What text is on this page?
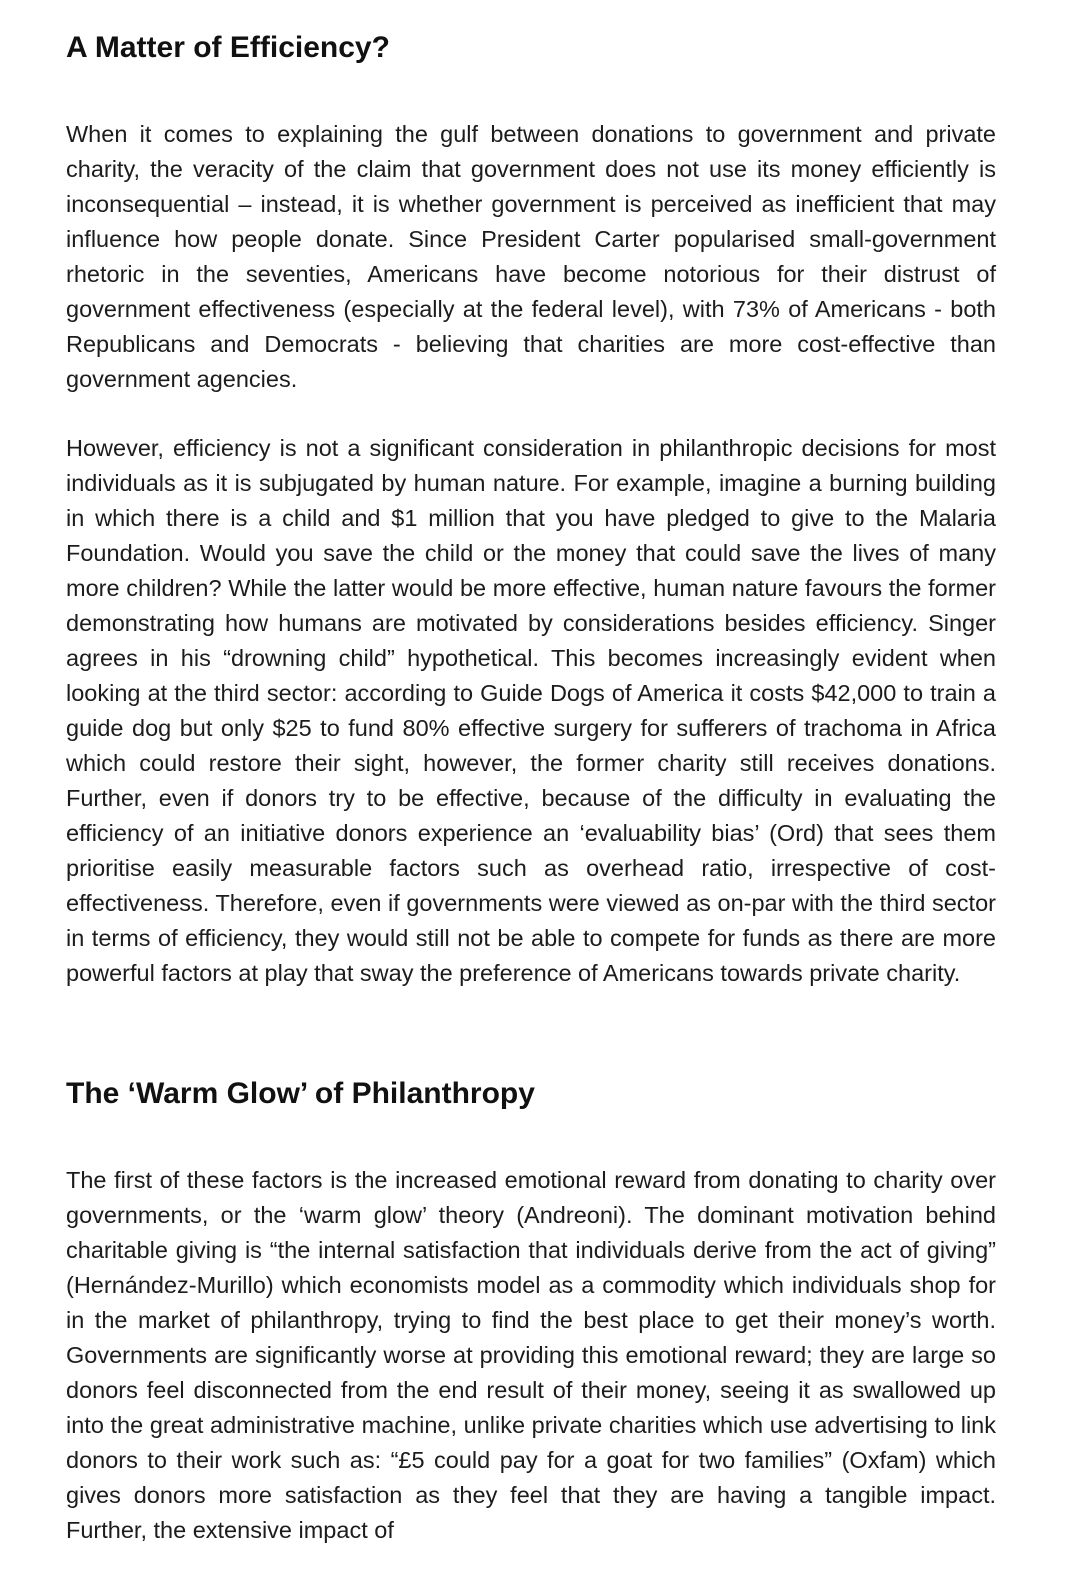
A Matter of Efficiency?

When it comes to explaining the gulf between donations to government and private charity, the veracity of the claim that government does not use its money efficiently is inconsequential – instead, it is whether government is perceived as inefficient that may influence how people donate. Since President Carter popularised small-government rhetoric in the seventies, Americans have become notorious for their distrust of government effectiveness (especially at the federal level), with 73% of Americans - both Republicans and Democrats - believing that charities are more cost-effective than government agencies.

However, efficiency is not a significant consideration in philanthropic decisions for most individuals as it is subjugated by human nature. For example, imagine a burning building in which there is a child and $1 million that you have pledged to give to the Malaria Foundation. Would you save the child or the money that could save the lives of many more children? While the latter would be more effective, human nature favours the former demonstrating how humans are motivated by considerations besides efficiency. Singer agrees in his “drowning child” hypothetical. This becomes increasingly evident when looking at the third sector: according to Guide Dogs of America it costs $42,000 to train a guide dog but only $25 to fund 80% effective surgery for sufferers of trachoma in Africa which could restore their sight, however, the former charity still receives donations. Further, even if donors try to be effective, because of the difficulty in evaluating the efficiency of an initiative donors experience an ‘evaluability bias’ (Ord) that sees them prioritise easily measurable factors such as overhead ratio, irrespective of cost-effectiveness. Therefore, even if governments were viewed as on-par with the third sector in terms of efficiency, they would still not be able to compete for funds as there are more powerful factors at play that sway the preference of Americans towards private charity.

The ‘Warm Glow’ of Philanthropy

The first of these factors is the increased emotional reward from donating to charity over governments, or the ‘warm glow’ theory (Andreoni). The dominant motivation behind charitable giving is “the internal satisfaction that individuals derive from the act of giving” (Hernández-Murillo) which economists model as a commodity which individuals shop for in the market of philanthropy, trying to find the best place to get their money’s worth. Governments are significantly worse at providing this emotional reward; they are large so donors feel disconnected from the end result of their money, seeing it as swallowed up into the great administrative machine, unlike private charities which use advertising to link donors to their work such as: “£5 could pay for a goat for two families” (Oxfam) which gives donors more satisfaction as they feel that they are having a tangible impact. Further, the extensive impact of
